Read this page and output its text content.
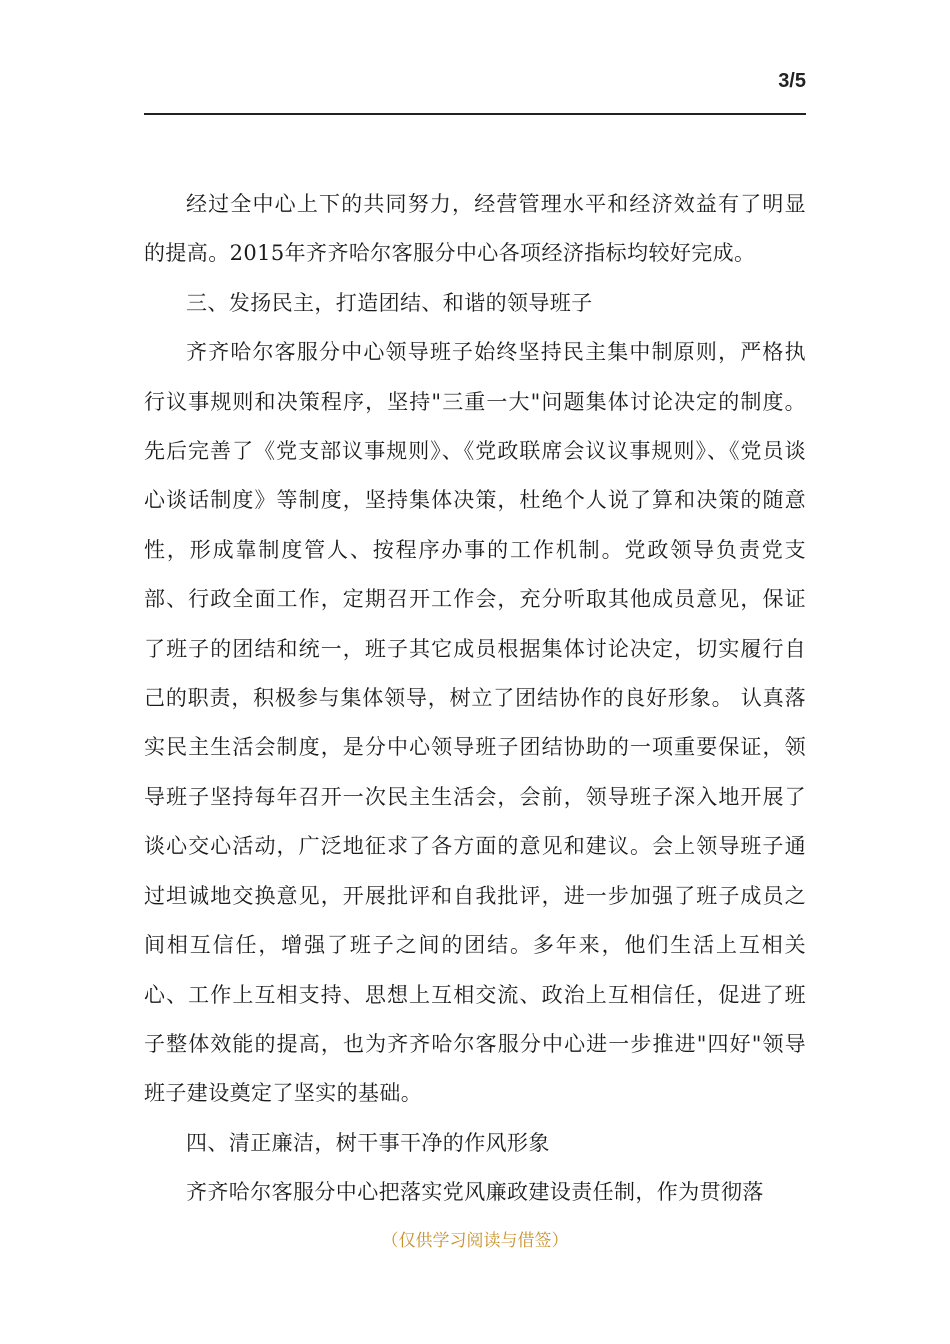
3/5

经过全中心上下的共同努力，经营管理水平和经济效益有了明显的提高。2015年齐齐哈尔客服分中心各项经济指标均较好完成。

三、发扬民主，打造团结、和谐的领导班子

齐齐哈尔客服分中心领导班子始终坚持民主集中制原则，严格执行议事规则和决策程序，坚持"三重一大"问题集体讨论决定的制度。先后完善了《党支部议事规则》、《党政联席会议议事规则》、《党员谈心谈话制度》等制度，坚持集体决策，杜绝个人说了算和决策的随意性，形成靠制度管人、按程序办事的工作机制。党政领导负责党支部、行政全面工作，定期召开工作会，充分听取其他成员意见，保证了班子的团结和统一，班子其它成员根据集体讨论决定，切实履行自己的职责，积极参与集体领导，树立了团结协作的良好形象。 认真落实民主生活会制度，是分中心领导班子团结协助的一项重要保证，领导班子坚持每年召开一次民主生活会，会前，领导班子深入地开展了谈心交心活动，广泛地征求了各方面的意见和建议。会上领导班子通过坦诚地交换意见，开展批评和自我批评，进一步加强了班子成员之间相互信任，增强了班子之间的团结。多年来，他们生活上互相关心、工作上互相支持、思想上互相交流、政治上互相信任，促进了班子整体效能的提高，也为齐齐哈尔客服分中心进一步推进"四好"领导班子建设奠定了坚实的基础。

四、清正廉洁，树干事干净的作风形象

齐齐哈尔客服分中心把落实党风廉政建设责任制，作为贯彻落

（仅供学习阅读与借签）
